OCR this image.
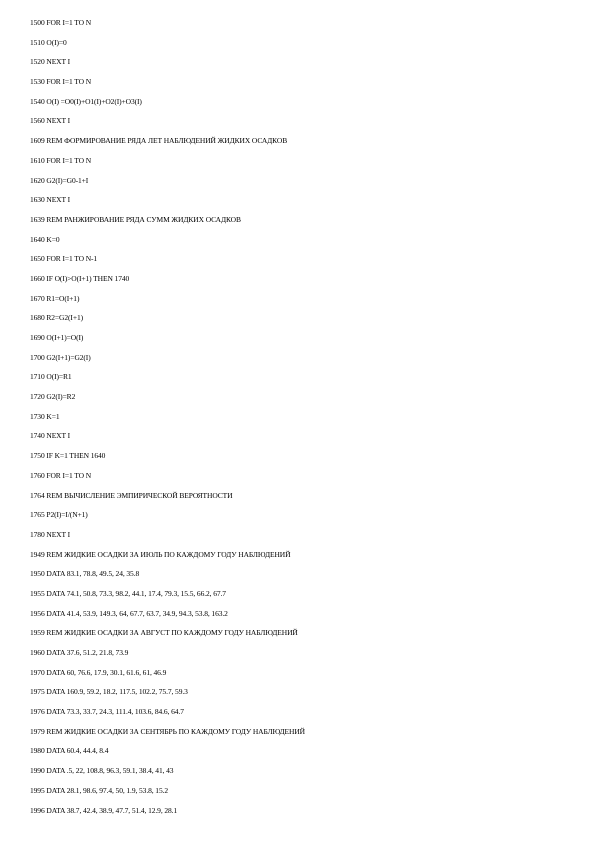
1500 FOR I=1 TO N
1510 O(I)=0
1520 NEXT I
1530 FOR I=1 TO N
1540 O(I) =O0(I)+O1(I)+O2(I)+O3(I)
1560 NEXT I
1609 REM ФОРМИРОВАНИЕ РЯДА ЛЕТ НАБЛЮДЕНИЙ ЖИДКИХ ОСАДКОВ
1610 FOR I=1 TO N
1620 G2(I)=G0-1+I
1630 NEXT I
1639 REM РАНЖИРОВАНИЕ РЯДА СУММ ЖИДКИХ ОСАДКОВ
1640 K=0
1650 FOR I=1 TO N-1
1660 IF O(I)>O(I+1) THEN 1740
1670 R1=O(I+1)
1680 R2=G2(I+1)
1690 O(I+1)=O(I)
1700 G2(I+1)=G2(I)
1710 O(I)=R1
1720 G2(I)=R2
1730 K=1
1740 NEXT I
1750 IF K=1 THEN 1640
1760 FOR I=1 TO N
1764 REM ВЫЧИСЛЕНИЕ ЭМПИРИЧЕСКОЙ ВЕРОЯТНОСТИ
1765 P2(I)=I/(N+1)
1780 NEXT I
1949 REM ЖИДКИЕ ОСАДКИ ЗА ИЮЛЬ ПО КАЖДОМУ ГОДУ НАБЛЮДЕНИЙ
1950 DATA 83.1, 78.8, 49.5, 24, 35.8
1955 DATA 74.1, 50.8, 73.3, 98.2, 44.1, 17.4, 79.3, 15.5, 66.2, 67.7
1956 DATA 41.4, 53.9, 149.3, 64, 67.7, 63.7, 34.9, 94.3, 53.8, 163.2
1959 REM ЖИДКИЕ ОСАДКИ ЗА АВГУСТ ПО КАЖДОМУ ГОДУ НАБЛЮДЕНИЙ
1960 DATA 37.6, 51.2, 21.8, 73.9
1970 DATA 60, 76.6, 17.9, 30.1, 61.6, 61, 46.9
1975 DATA 160.9, 59.2, 18.2, 117.5, 102.2, 75.7, 59.3
1976 DATA 73.3, 33.7, 24.3, 111.4, 103.6, 84.6, 64.7
1979 REM ЖИДКИЕ ОСАДКИ ЗА СЕНТЯБРЬ ПО КАЖДОМУ ГОДУ НАБЛЮДЕНИЙ
1980 DATA 60.4, 44.4, 8.4
1990 DATA .5, 22, 108.8, 96.3, 59.1, 38.4, 41, 43
1995 DATA 28.1, 98.6, 97.4, 50, 1.9, 53.8, 15.2
1996 DATA 38.7, 42.4, 38.9, 47.7, 51.4, 12.9, 28.1
